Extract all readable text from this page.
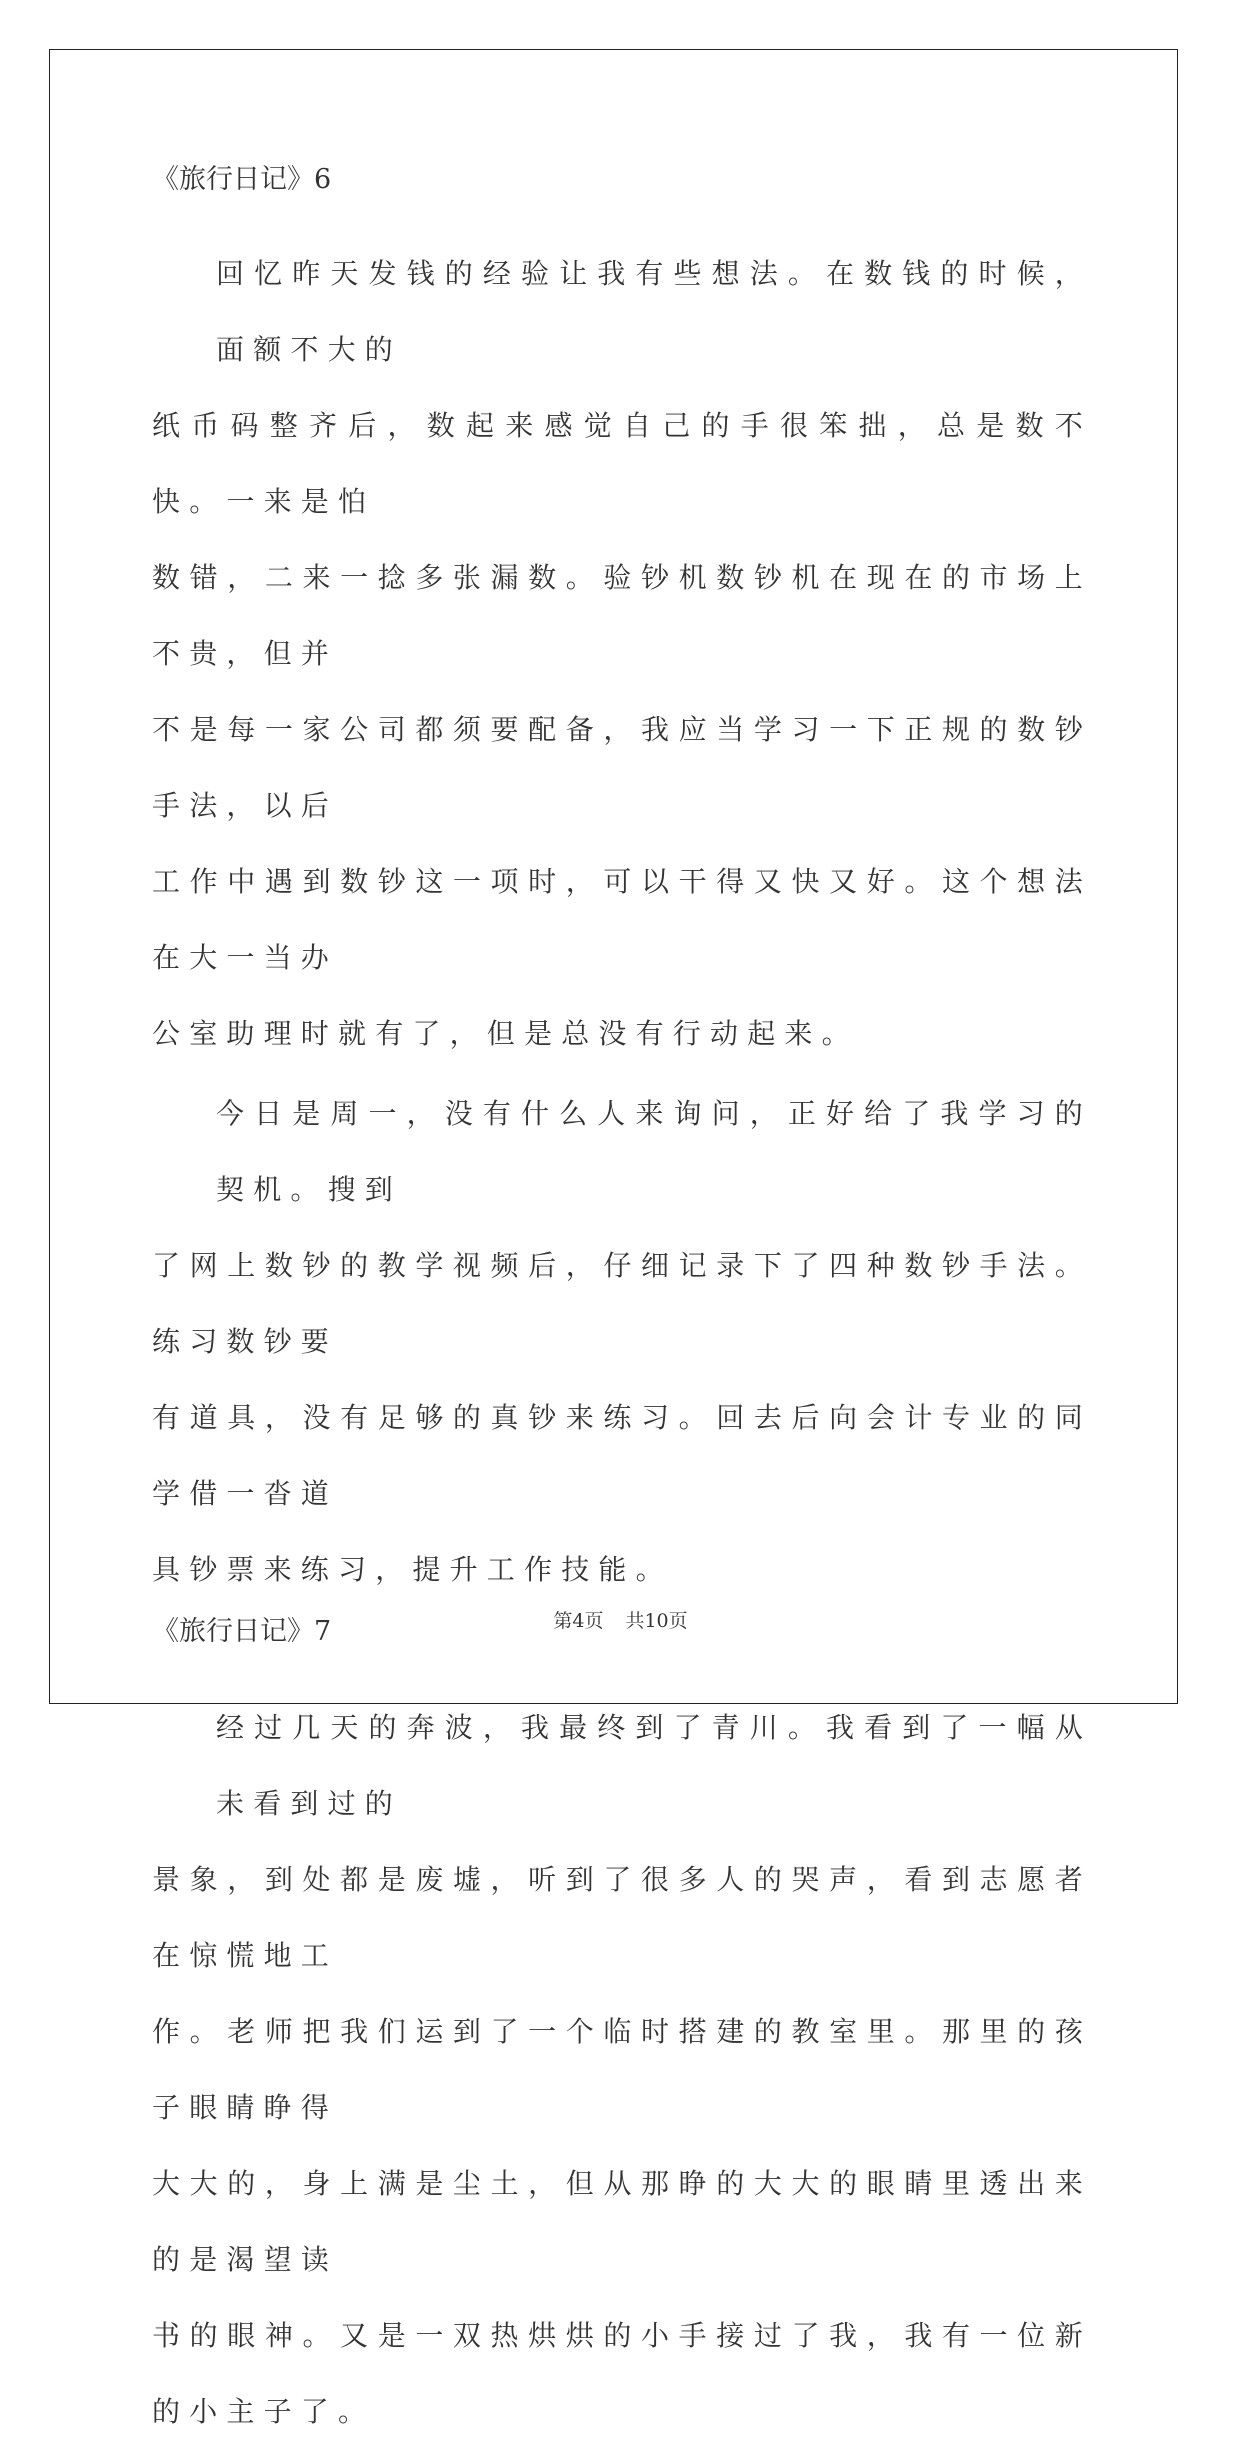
《旅行日记》6
回忆昨天发钱的经验让我有些想法。在数钱的时候，面额不大的
纸币码整齐后，数起来感觉自己的手很笨拙，总是数不快。一来是怕
数错，二来一捻多张漏数。验钞机数钞机在现在的市场上不贵，但并
不是每一家公司都须要配备，我应当学习一下正规的数钞手法，以后
工作中遇到数钞这一项时，可以干得又快又好。这个想法在大一当办
公室助理时就有了，但是总没有行动起来。
今日是周一，没有什么人来询问，正好给了我学习的契机。搜到
了网上数钞的教学视频后，仔细记录下了四种数钞手法。练习数钞要
有道具，没有足够的真钞来练习。回去后向会计专业的同学借一沓道
具钞票来练习，提升工作技能。
《旅行日记》7
经过几天的奔波，我最终到了青川。我看到了一幅从未看到过的
景象，到处都是废墟，听到了很多人的哭声，看到志愿者在惊慌地工
作。老师把我们运到了一个临时搭建的教室里。那里的孩子眼睛睁得
大大的，身上满是尘土，但从那睁的大大的眼睛里透出来的是渴望读
书的眼神。又是一双热烘烘的小手接过了我，我有一位新的小主子了。
第4页 共10页
